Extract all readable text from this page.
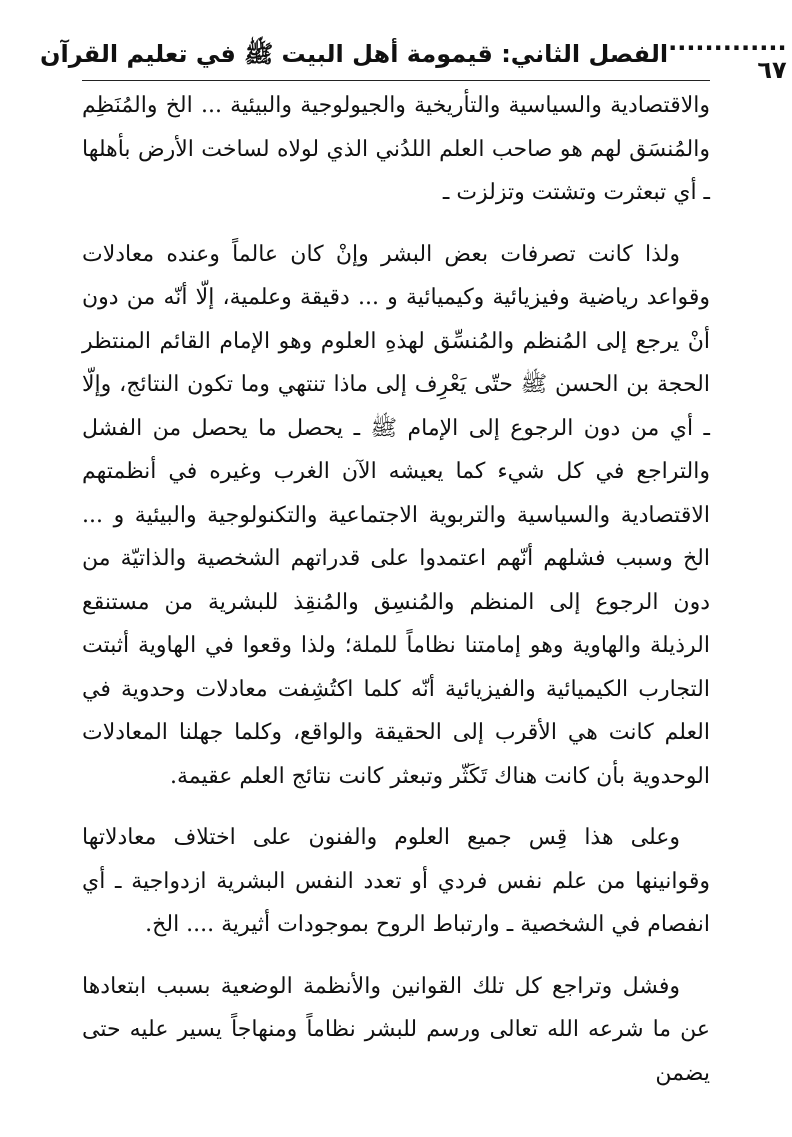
الفصل الثاني: قيمومة أهل البيت ﷺ في تعليم القرآن ............. ٦٧

والاقتصادية والسياسية والتأريخية والجيولوجية والبيئية ... الخ والمُنَظِم والمُنسَق لهم هو صاحب العلم اللدُني الذي لولاه لساخت الأرض بأهلها ـ أي تبعثرت وتشتت وتزلزت ـ

ولذا كانت تصرفات بعض البشر وإنْ كان عالماً وعنده معادلات وقواعد رياضية وفيزيائية وكيميائية و ... دقيقة وعلمية، إلّا أنّه من دون أنْ يرجع إلى المُنظم والمُنسِّق لهذهِ العلوم وهو الإمام القائم المنتظر الحجة بن الحسن ﷺ حتّى يَعْرِف إلى ماذا تنتهي وما تكون النتائج، وإلّا ـ أي من دون الرجوع إلى الإمام ﷺ ـ يحصل ما يحصل من الفشل والتراجع في كل شيء كما يعيشه الآن الغرب وغيره في أنظمتهم الاقتصادية والسياسية والتربوية الاجتماعية والتكنولوجية والبيئية و ... الخ وسبب فشلهم أنّهم اعتمدوا على قدراتهم الشخصية والذاتيّة من دون الرجوع إلى المنظم والمُنسِق والمُنقِذ للبشرية من مستنقع الرذيلة والهاوية وهو إمامتنا نظاماً للملة؛ ولذا وقعوا في الهاوية أثبتت التجارب الكيميائية والفيزيائية أنّه كلما اكتُشِفت معادلات وحدوية في العلم كانت هي الأقرب إلى الحقيقة والواقع، وكلما جهلنا المعادلات الوحدوية بأن كانت هناك تَكَثّر وتبعثر كانت نتائج العلم عقيمة.

وعلى هذا قِس جميع العلوم والفنون على اختلاف معادلاتها وقوانينها من علم نفس فردي أو تعدد النفس البشرية ازدواجية ـ أي انفصام في الشخصية ـ وارتباط الروح بموجودات أثيرية .... الخ.

وفشل وتراجع كل تلك القوانين والأنظمة الوضعية بسبب ابتعادها عن ما شرعه الله تعالى ورسم للبشر نظاماً ومنهاجاً يسير عليه حتى يضمن
